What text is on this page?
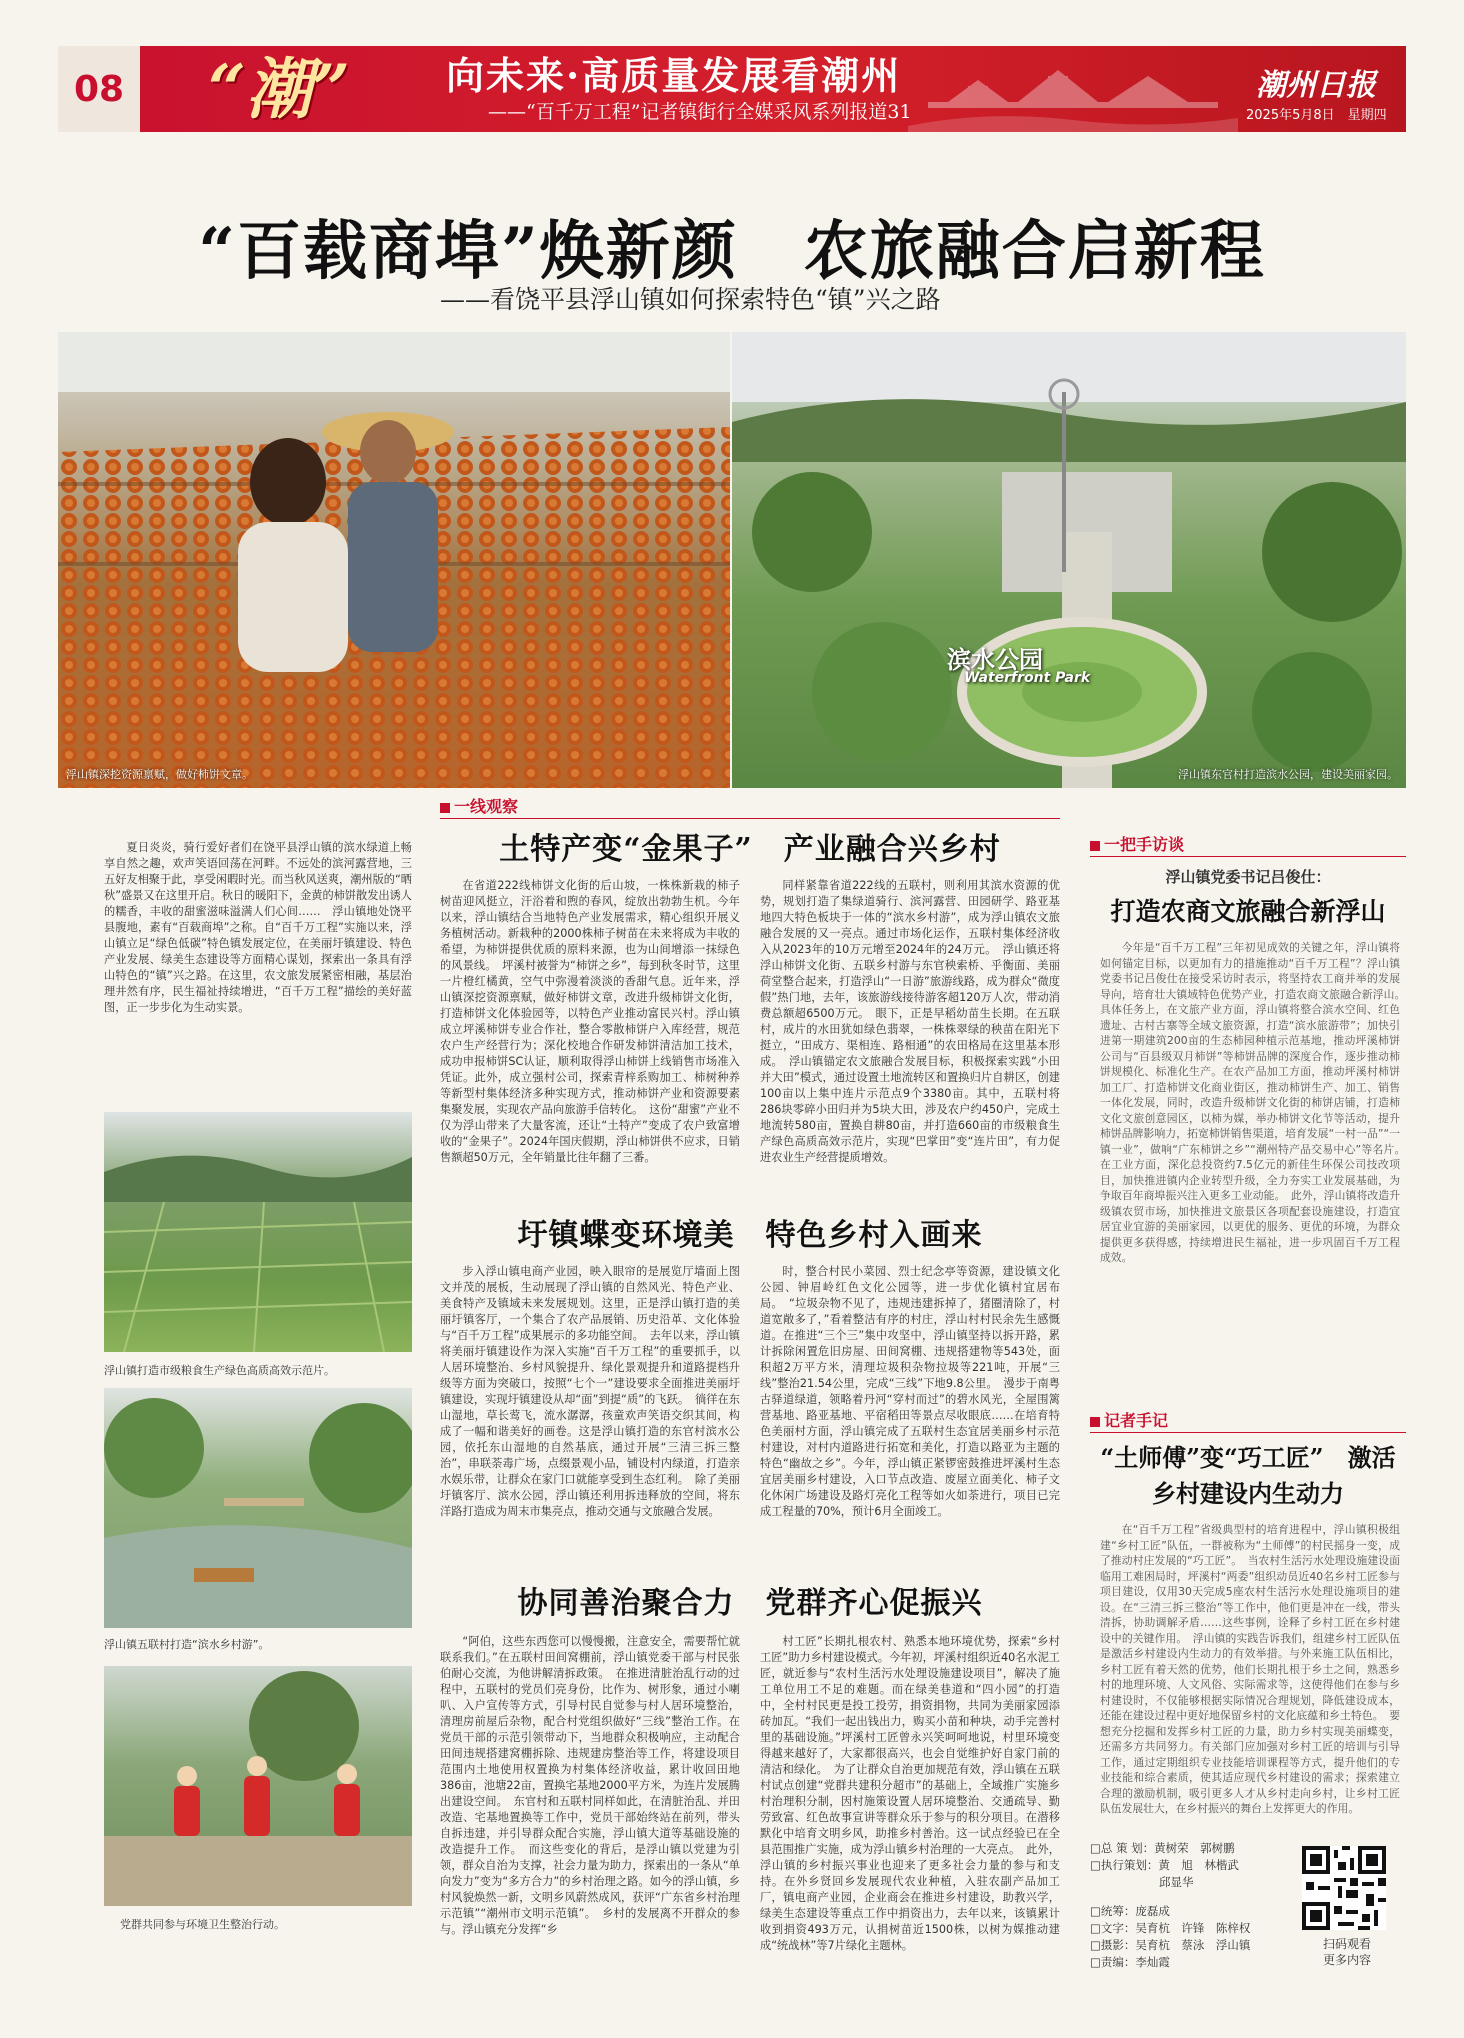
08 “潮”	向未来·高质量发展看潮州
——“百千万工程”记者镇街行全媒采风系列报道31
潮州日报
2025年5月8日　星期四
“百载商埠”焕新颜　农旅融合启新程
——看饶平县浮山镇如何探索特色“镇”兴之路
浮山镇深挖资源禀赋，做好柿饼文章。
滨水公园
Waterfront Park
浮山镇东官村打造滨水公园，建设美丽家园。

夏日炎炎，骑行爱好者们在饶平县浮山镇的滨水绿道上畅享自然之趣，欢声笑语回荡在河畔。不远处的滨河露营地，三五好友相聚于此，享受闲暇时光。而当秋风送爽，潮州版的“晒秋”盛景又在这里开启。秋日的暖阳下，金黄的柿饼散发出诱人的糯香，丰收的甜蜜滋味溢满人们心间……　浮山镇地处饶平县腹地，素有“百载商埠”之称。自“百千万工程”实施以来，浮山镇立足“绿色低碳”特色镇发展定位，在美丽圩镇建设、特色产业发展、绿美生态建设等方面精心谋划，探索出一条具有浮山特色的“镇”兴之路。在这里，农文旅发展紧密相融，基层治理井然有序，民生福祉持续增进，“百千万工程”描绘的美好蓝图，正一步步化为生动实景。

浮山镇打造市级粮食生产绿色高质高效示范片。
浮山镇五联村打造“滨水乡村游”。
党群共同参与环境卫生整治行动。
一线观察
土特产变“金果子”　产业融合兴乡村

在省道222线柿饼文化街的后山坡，一株株新栽的柿子树苗迎风挺立，汗浴着和煦的春风，绽放出勃勃生机。今年以来，浮山镇结合当地特色产业发展需求，精心组织开展义务植树活动。新栽种的2000株柿子树苗在未来将成为丰收的希望，为柿饼提供优质的原料来源，也为山间增添一抹绿色的风景线。　坪溪村被誉为“柿饼之乡”，每到秋冬时节，这里一片橙红橘黄，空气中弥漫着淡淡的香甜气息。近年来，浮山镇深挖资源禀赋，做好柿饼文章，改进升级柿饼文化街，打造柿饼文化体验园等，以特色产业推动富民兴村。浮山镇成立坪溪柿饼专业合作社，整合零散柿饼户入库经营，规范农户生产经营行为；深化校地合作研发柿饼清洁加工技术，成功申报柿饼SC认证，顺利取得浮山柿饼上线销售市场准入凭证。此外，成立强村公司，探索青梓系购加工、柿树种养等新型村集体经济多种实现方式，推动柿饼产业和资源要素集聚发展，实现农产品向旅游手信转化。　这份“甜蜜”产业不仅为浮山带来了大量客流，还让“土特产”变成了农户致富增收的“金果子”。2024年国庆假期，浮山柿饼供不应求，日销售额超50万元，全年销量比往年翻了三番。

同样紧靠省道222线的五联村，则利用其滨水资源的优势，规划打造了集绿道骑行、滨河露营、田园研学、路亚基地四大特色板块于一体的“滨水乡村游”，成为浮山镇农文旅融合发展的又一亮点。通过市场化运作，五联村集体经济收入从2023年的10万元增至2024年的24万元。　浮山镇还将浮山柿饼文化街、五联乡村游与东官秧索桥、乎衡面、美丽荷堂整合起来，打造浮山“一日游”旅游线路，成为群众“微度假”热门地，去年，该旅游线接待游客超120万人次，带动消费总额超6500万元。　眼下，正是早稻幼苗生长期。在五联村，成片的水田犹如绿色翡翠，一株株翠绿的秧苗在阳光下挺立，“田成方、渠相连、路相通”的农田格局在这里基本形成。　浮山镇锚定农文旅融合发展目标，积极探索实践“小田并大田”模式，通过设置土地流转区和置换归片自耕区，创建100亩以上集中连片示范点9个3380亩。其中，五联村将286块零碎小田归并为5块大田，涉及农户约450户，完成土地流转580亩，置换自耕80亩，并打造660亩的市级粮食生产绿色高质高效示范片，实现“巴掌田”变“连片田”，有力促进农业生产经营提质增效。

圩镇蝶变环境美　特色乡村入画来

步入浮山镇电商产业园，映入眼帘的是展览厅墙面上图文并茂的展板，生动展现了浮山镇的自然风光、特色产业、美食特产及镇域未来发展规划。这里，正是浮山镇打造的美丽圩镇客厅，一个集合了农产品展销、历史沿革、文化体验与“百千万工程”成果展示的多功能空间。　去年以来，浮山镇将美丽圩镇建设作为深入实施“百千万工程”的重要抓手，以人居环境整治、乡村风貌提升、绿化景观提升和道路提档升级等方面为突破口，按照“七个一”建设要求全面推进美丽圩镇建设，实现圩镇建设从却“面”到提“质”的飞跃。　徜徉在东山湿地，草长莺飞，流水潺潺，孩童欢声笑语交织其间，构成了一幅和谐美好的画卷。这是浮山镇打造的东官村滨水公园，依托东山湿地的自然基底，通过开展“三清三拆三整治”，串联荼毒广场，点缀景观小品，铺设村内绿道，打造亲水娱乐带，让群众在家门口就能享受到生态红利。　除了美丽圩镇客厅、滨水公园，浮山镇还利用拆违释放的空间，将东洋路打造成为周末市集亮点，推动交通与文旅融合发展。

时，整合村民小菜园、烈士纪念亭等资源，建设镇文化公园、钟眉岭红色文化公园等，进一步优化镇村宜居布局。　“垃圾杂物不见了，违规违建拆掉了，猪圈清除了，村道宽敞多了，”看着整洁有序的村庄，浮山村村民余先生感慨道。在推进“三个三”集中攻坚中，浮山镇坚持以拆开路，累计拆除闲置危旧房屋、田间窝棚、违规搭建物等543处，面积超2万平方米，清理垃圾积杂物拉圾等221吨，开展“三线”整治21.54公里，完成“三线”下地9.8公里。　漫步于南粤古驿道绿道，领略着丹河“穿村而过”的碧水风光，全屋围篱营基地、路亚基地、平宿稻田等景点尽收眼底……在培育特色美丽村方面，浮山镇完成了五联村生态宜居美丽乡村示范村建设，对村内道路进行拓宽和美化，打造以路亚为主题的特色“幽故之乡”。今年，浮山镇正紧锣密鼓推进坪溪村生态宜居美丽乡村建设，入口节点改造、废屋立面美化、柿子文化休闲广场建设及路灯亮化工程等如火如荼进行，项目已完成工程量的70%，预计6月全面竣工。

协同善治聚合力　党群齐心促振兴

“阿伯，这些东西您可以慢慢搬，注意安全，需要帮忙就联系我们。”在五联村田间窝棚前，浮山镇党委干部与村民张伯耐心交流，为他讲解清拆政策。　在推进清脏治乱行动的过程中，五联村的党员们亮身份，比作为、树形象，通过小喇叭、入户宣传等方式，引导村民自觉参与村人居环境整治，清理房前屋后杂物，配合村党组织做好“三线”整治工作。在党员干部的示范引领带动下，当地群众积极响应，主动配合田间违规搭建窝棚拆除、违规建房整治等工作，将建设项目范围内土地使用权置换为村集体经济收益，累计收回田地386亩，池塘22亩，置换宅基地2000平方米，为连片发展腾出建设空间。　东官村和五联村同样如此，在清脏治乱、并田改造、宅基地置换等工作中，党员干部始终站在前列，带头自拆违建，并引导群众配合实施，浮山镇大道等基础设施的改造提升工作。　而这些变化的背后，是浮山镇以党建为引领，群众自治为支撑，社会力量为助力，探索出的一条从“单向发力”变为“多方合力”的乡村治理之路。如今的浮山镇，乡村风貌焕然一新，文明乡风蔚然成风，获评“广东省乡村治理示范镇”“潮州市文明示范镇”。　乡村的发展离不开群众的参与。浮山镇充分发挥“乡

村工匠”长期扎根农村、熟悉本地环境优势，探索“乡村工匠”助力乡村建设模式。今年初，坪溪村组织近40名水泥工匠，就近参与“农村生活污水处理设施建设项目”，解决了施工单位用工不足的难题。而在绿美巷道和“四小园”的打造中，全村村民更是投工投劳，捐资捐物，共同为美丽家园添砖加瓦。“我们一起出钱出力，购买小苗和种块，动手完善村里的基础设施。”坪溪村工匠曾永兴笑呵呵地说，村里环境变得越来越好了，大家都很高兴，也会自觉维护好自家门前的清洁和绿化。　为了让群众自治更加规范有效，浮山镇在五联村试点创建“党群共建积分超市”的基础上，全域推广实施乡村治理积分制，因村施策设置人居环境整治、交通疏导、勤劳致富、红色故事宣讲等群众乐于参与的积分项目。在潜移默化中培育文明乡风，助推乡村善治。这一试点经验已在全县范围推广实施，成为浮山镇乡村治理的一大亮点。　此外，浮山镇的乡村振兴事业也迎来了更多社会力量的参与和支持。在外乡贤回乡发展现代农业种植，入驻农副产品加工厂，镇电商产业园，企业商会在推进乡村建设，助教兴学，绿美生态建设等重点工作中捐资出力，去年以来，该镇累计收到捐资493万元，认捐树苗近1500株，以树为媒推动建成“统战林”等7片绿化主题林。

一把手访谈
浮山镇党委书记吕俊仕：
打造农商文旅融合新浮山

今年是“百千万工程”三年初见成效的关键之年，浮山镇将如何锚定目标，以更加有力的措施推动“百千万工程”？浮山镇党委书记吕俊仕在接受采访时表示，将坚持农工商并举的发展导向，培育壮大镇域特色优势产业，打造农商文旅融合新浮山。　具体任务上，在文旅产业方面，浮山镇将整合滨水空间、红色遗址、古村古寨等全域文旅资源，打造“滨水旅游带”；加快引进第一期建筑200亩的生态柿园种植示范基地，推动坪溪柿饼公司与“百县级双月柿饼”等柿饼品牌的深度合作，逐步推动柿饼规模化、标准化生产。在农产品加工方面，推动坪溪村柿饼加工厂、打造柿饼文化商业街区，推动柿饼生产、加工、销售一体化发展，同时，改造升级柿饼文化街的柿饼店铺，打造柿文化文旅创意园区，以柿为媒，举办柿饼文化节等活动，提升柿饼品牌影响力，拓宽柿饼销售渠道，培育发展“一村一品”“一镇一业”，做响“广东柿饼之乡”“潮州特产品交易中心”等名片。　在工业方面，深化总投资约7.5亿元的新佳生环保公司技改项目，加快推进镇内企业转型升级，全力夯实工业发展基础，为争取百年商埠振兴注入更多工业动能。　此外，浮山镇将改造升级镇农贸市场，加快推进文旅景区各项配套设施建设，打造宜居宜业宜游的美丽家园，以更优的服务、更优的环境，为群众提供更多获得感，持续增进民生福祉，进一步巩固百千万工程成效。

记者手记
“土师傅”变“巧工匠”　激活乡村建设内生动力

在“百千万工程”省级典型村的培育进程中，浮山镇积极组建“乡村工匠”队伍，一群被称为“土师傅”的村民摇身一变，成了推动村庄发展的“巧工匠”。　当农村生活污水处理设施建设面临用工难困局时，坪溪村“两委”组织动员近40名乡村工匠参与项目建设，仅用30天完成5座农村生活污水处理设施项目的建设。在“三清三拆三整治”等工作中，他们更是冲在一线，带头清拆，协助调解矛盾……这些事例，诠释了乡村工匠在乡村建设中的关键作用。　浮山镇的实践告诉我们，组建乡村工匠队伍是激活乡村建设内生动力的有效举措。与外来施工队伍相比，乡村工匠有着天然的优势，他们长期扎根于乡土之间，熟悉乡村的地理环境、人文风俗、实际需求等，这使得他们在参与乡村建设时，不仅能够根据实际情况合理规划，降低建设成本，还能在建设过程中更好地保留乡村的文化底蕴和乡土特色。　要想充分挖掘和发挥乡村工匠的力量，助力乡村实现美丽蝶变，还需多方共同努力。有关部门应加强对乡村工匠的培训与引导工作，通过定期组织专业技能培训课程等方式，提升他们的专业技能和综合素质，使其适应现代乡村建设的需求；探索建立合理的激励机制，吸引更多人才从乡村走向乡村，让乡村工匠队伍发展壮大，在乡村振兴的舞台上发挥更大的作用。

□总 策 划：黄树荣　郭树鹏
□执行策划：黄　旭　林楷武
　　　　　　邱显华
□统筹：庞磊成
□文字：吴育杭　许锋　陈梓权
□摄影：吴育杭　蔡泳　浮山镇
□责编：李灿霞
扫码观看
更多内容
